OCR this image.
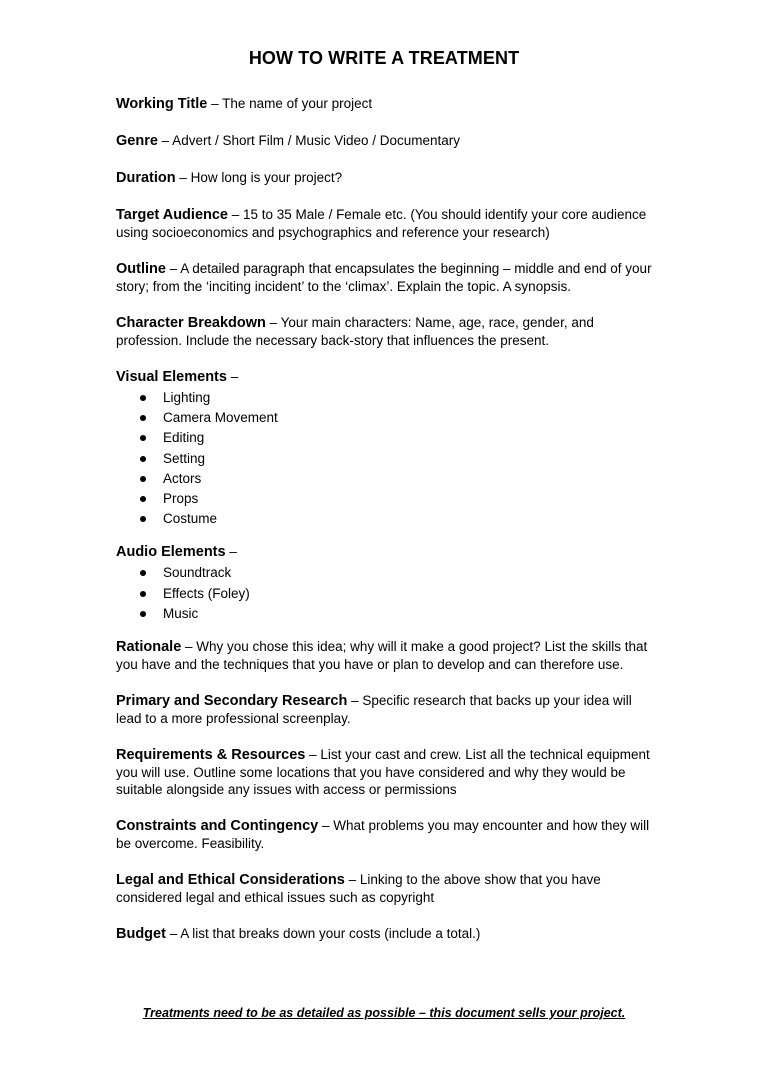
HOW TO WRITE A TREATMENT
Working Title – The name of your project
Genre – Advert / Short Film / Music Video / Documentary
Duration – How long is your project?
Target Audience – 15 to 35 Male / Female etc. (You should identify your core audience using socioeconomics and psychographics and reference your research)
Outline – A detailed paragraph that encapsulates the beginning – middle and end of your story; from the ‘inciting incident’ to the ‘climax’. Explain the topic. A synopsis.
Character Breakdown – Your main characters: Name, age, race, gender, and profession. Include the necessary back-story that influences the present.
Visual Elements –
Lighting
Camera Movement
Editing
Setting
Actors
Props
Costume
Audio Elements –
Soundtrack
Effects (Foley)
Music
Rationale – Why you chose this idea; why will it make a good project? List the skills that you have and the techniques that you have or plan to develop and can therefore use.
Primary and Secondary Research – Specific research that backs up your idea will lead to a more professional screenplay.
Requirements & Resources – List your cast and crew. List all the technical equipment you will use. Outline some locations that you have considered and why they would be suitable alongside any issues with access or permissions
Constraints and Contingency – What problems you may encounter and how they will be overcome. Feasibility.
Legal and Ethical Considerations – Linking to the above show that you have considered legal and ethical issues such as copyright
Budget – A list that breaks down your costs (include a total.)
Treatments need to be as detailed as possible – this document sells your project.
